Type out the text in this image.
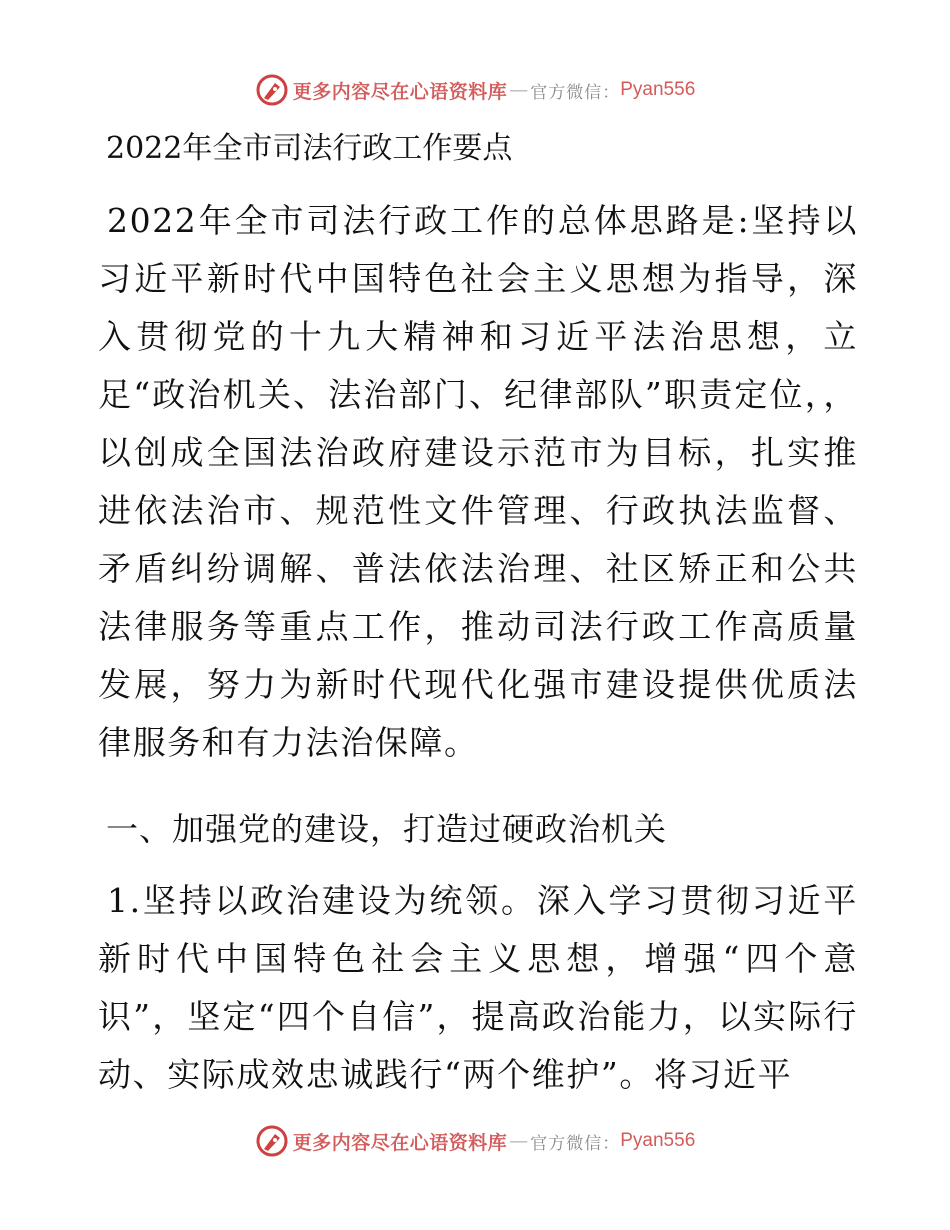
更多内容尽在心语资料库 — 官方微信： Pyan556
2022年全市司法行政工作要点

2022年全市司法行政工作的总体思路是:坚持以习近平新时代中国特色社会主义思想为指导，深入贯彻党的十九大精神和习近平法治思想，立足“政治机关、法治部门、纪律部队”职责定位，，以创成全国法治政府建设示范市为目标，扎实推进依法治市、规范性文件管理、行政执法监督、矛盾纠纷调解、普法依法治理、社区矫正和公共法律服务等重点工作，推动司法行政工作高质量发展，努力为新时代现代化强市建设提供优质法律服务和有力法治保障。

一、加强党的建设，打造过硬政治机关

1.坚持以政治建设为统领。深入学习贯彻习近平新时代中国特色社会主义思想，增强“四个意识”，坚定“四个自信”，提高政治能力，以实际行动、实际成效忠诚践行“两个维护”。将习近平

更多内容尽在心语资料库 — 官方微信： Pyan556
